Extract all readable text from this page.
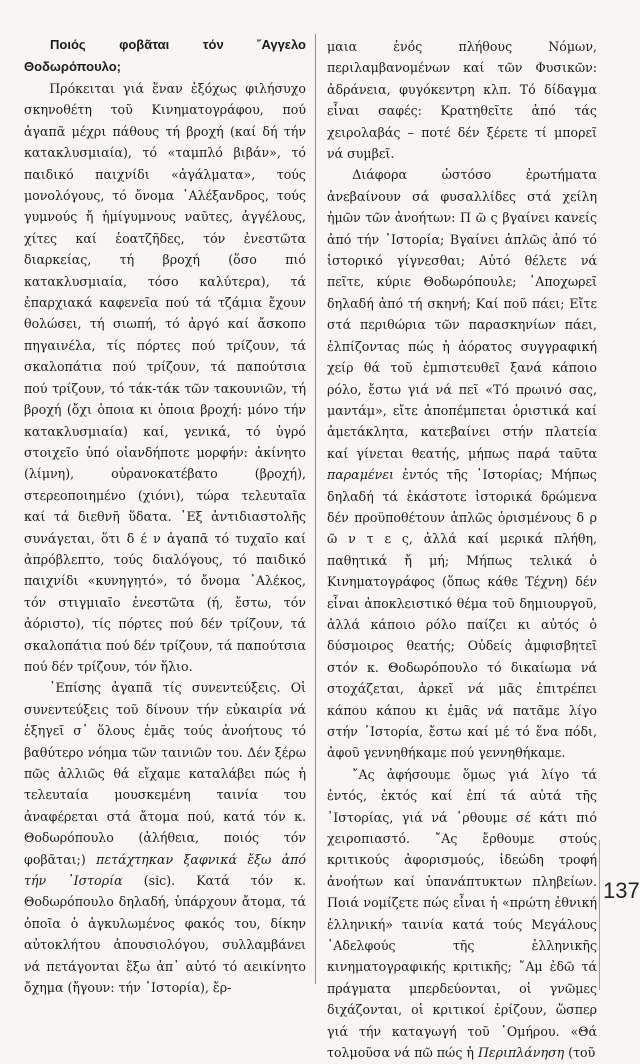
Ποιός φοβᾶται τόν ῎Αγγελο Θοδωρόπουλο;

Πρόκειται γιά ἕναν ἐξόχως φιλήσυχο σκηνοθέτη τοῦ Κινηματογράφου, πού ἀγαπᾶ μέχρι πάθους τή βροχή (καί δή τήν κατακλυσμιαία), τό «ταμπλό βιβάν», τό παιδικό παιχνίδι «ἀγάλματα», τούς μονολόγους, τό ὄνομα ᾿Αλέξανδρος, τούς γυμνούς ἤ ἡμίγυμνους ναῦτες, ἀγγέλους, χίτες καί ἑοατζῆδες, τόν ἐνεστῶτα διαρκείας, τή βροχή (ὅσο πιό κατακλυσμιαία, τόσο καλύτερα), τά ἐπαρχιακά καφενεῖα πού τά τζάμια ἔχουν θολώσει, τή σιωπή, τό ἀργό καί ἄσκοπο πηγαινέλα, τίς πόρτες πού τρίζουν, τά σκαλοπάτια πού τρίζουν, τά παπούτσια πού τρίζουν, τό τάκ-τάκ τῶν τακουνιῶν, τή βροχή (ὄχι ὁποια κι ὁποια βροχή: μόνο τήν κατακλυσμιαία) καί, γενικά, τό ὑγρό στοιχεῖο ὑπό οἱανδήποτε μορφήν: ἀκίνητο (λίμνη), οὐρανοκατέβατο (βροχή), στερεοποιημένο (χιόνι), τώρα τελευταῖα καί τά διεθνῆ ὕδατα. ᾿Εξ ἀντιδιαστολῆς συνάγεται, ὅτι δ έ ν ἀγαπᾶ τό τυχαῖο καί ἀπρόβλεπτο, τούς διαλόγους, τό παιδικό παιχνίδι «κυνηγητό», τό ὄνομα ᾿Αλέκος, τόν στιγμιαῖο ἐνεστῶτα (ή, ἔστω, τόν ἀόριστο), τίς πόρτες πού δέν τρίζουν, τά σκαλοπάτια πού δέν τρίζουν, τά παπούτσια πού δέν τρίζουν, τόν ἥλιο.

᾿Επίσης ἀγαπᾶ τίς συνεντεύξεις. Οἱ συνεντεύξεις τοῦ δίνουν τήν εὐκαιρία νά ἐξηγεῖ σ᾿ ὅλους ἐμᾶς τούς ἀνοήτους τό βαθύτερο νόημα τῶν ταινιῶν του. Δέν ξέρω πῶς ἀλλιῶς θά εἴχαμε καταλάβει πώς ἡ τελευταία μουσκεμένη ταινία του ἀναφέρεται στά ἄτομα πού, κατά τόν κ. Θοδωρόπουλο (ἀλήθεια, ποιός τόν φοβᾶται;) πετάχτηκαν ξαφνικά ἔξω ἀπό τήν ᾿Ιστορία (sic). Κατά τόν κ. Θοδωρόπουλο δηλαδή, ὑπάρχουν ἄτομα, τά ὁποῖα ὁ ἀγκυλωμένος φακός του, δίκην αὐτοκλήτου ἀπουσιολόγου, συλλαμβάνει νά πετάγονται ἔξω ἀπ᾿ αὐτό τό αειкίνητο ὄχημα (ἤγουν: τήν ᾿Ιστορία), ἔρ-

μαια ἑνός πλήθους Νόμων, περιλαμβανομένων καί τῶν Φυσικῶν: ἀδράνεια, φυγόκεντρη κλπ. Τό δίδαγμα εἶναι σαφές: Κρατηθεῖτε ἀπό τάς χειρολαβάς – ποτέ δέν ξέρετε τί μπορεῖ νά συμβεῖ.

Διάφορα ὡστόσο ἐρωτήματα ἀνεβαίνουν σά φυσαλλίδες στά χείλη ἡμῶν τῶν ἀνοήτων: Π ῶ ς βγαίνει κανείς ἀπό τήν ᾿Ιστορία; Βγαίνει ἁπλῶς ἀπό τό ἱστορικό γίγνεσθαι; Αὐτό θέλετε νά πεῖτε, κύριε Θοδωρόπουλε; ᾿Αποχωρεῖ δηλαδή ἀπό τή σκηνή; Καί ποῦ πάει; Εἴτε στά περιθώρια τῶν παρασκηνίων πάει, ἐλπίζοντας πώς ἡ ἀόρατος συγγραφική χείρ θά τοῦ ἐμπιστευθεῖ ξανά κάποιο ρόλο, ἔστω γιά νά πεῖ «Τό πρωινό σας, μαντάμ», εἴτε ἀποπέμπεται ὁριστικά καί ἀμετάκλητα, κατεβαίνει στήν πλατεία καί γίνεται θεατής, μήπως παρά ταῦτα παραμένει ἐντός τῆς ᾿Ιστορίας; Μήπως δηλαδή τά ἑκάστοτε ἱστορικά δρώμενα δέν προϋποθέτουν ἁπλῶς ὁρισμένους δ ρ ῶ ν τ ε ς, ἀλλά καί μερικά πλήθη, παθητικά ἤ μή; Μήπως τελικά ὁ Κινηματογράφος (ὅπως κάθε Τέχνη) δέν εἶναι ἀποκλειστικό θέμα τοῦ δημιουργοῦ, ἀλλά κάποιο ρόλο παίζει κι αὐτός ὁ δύσμοιρος θεατής; Οὐδείς ἀμφισβητεῖ στόν κ. Θοδωρόπουλο τό δικαίωμα νά στοχάζεται, ἀρκεῖ νά μᾶς ἐπιτρέπει κάπου κάπου κι ἐμᾶς νά πατᾶμε λίγο στήν ᾿Ιστορία, ἔστω καί μέ τό ἕνα πόδι, ἀφοῦ γεννηθήκαμε πού γεννηθήκαμε.

῎Ας ἀφήσουμε ὅμως γιά λίγο τά ἐντός, ἐκτός καί ἐπί τά αὐτά τῆς ᾿Ιστορίας, γιά νά ῾ρθουμε σέ κάτι πιό χειροπιαστό. ῎Ας ἔρθουμε στούς κριτικούς ἀφορισμούς, ἰδεώδη τροφή ἀνοήτων καί ὑπανάπτυκτων πληβείων. Ποιά νομίζετε πώς εἶναι ἡ «πρώτη ἐθνική ἑλληνική» ταινία κατά τούς Μεγάλους ᾿Αδελφούς τῆς ἑλληνικῆς κινηματογραφικής κριτικῆς; ῎Αμ ἐδῶ τά πράγματα μπερδεύονται, οἱ γνῶμες διχάζονται, οἱ κριτικοί ἐρίζουν, ὥσπερ γιά τήν καταγωγή τοῦ ῾Ομήρου. «Θά τολμοῦσα νά πῶ πώς ἡ Περιπλάνηση (τοῦ

137
